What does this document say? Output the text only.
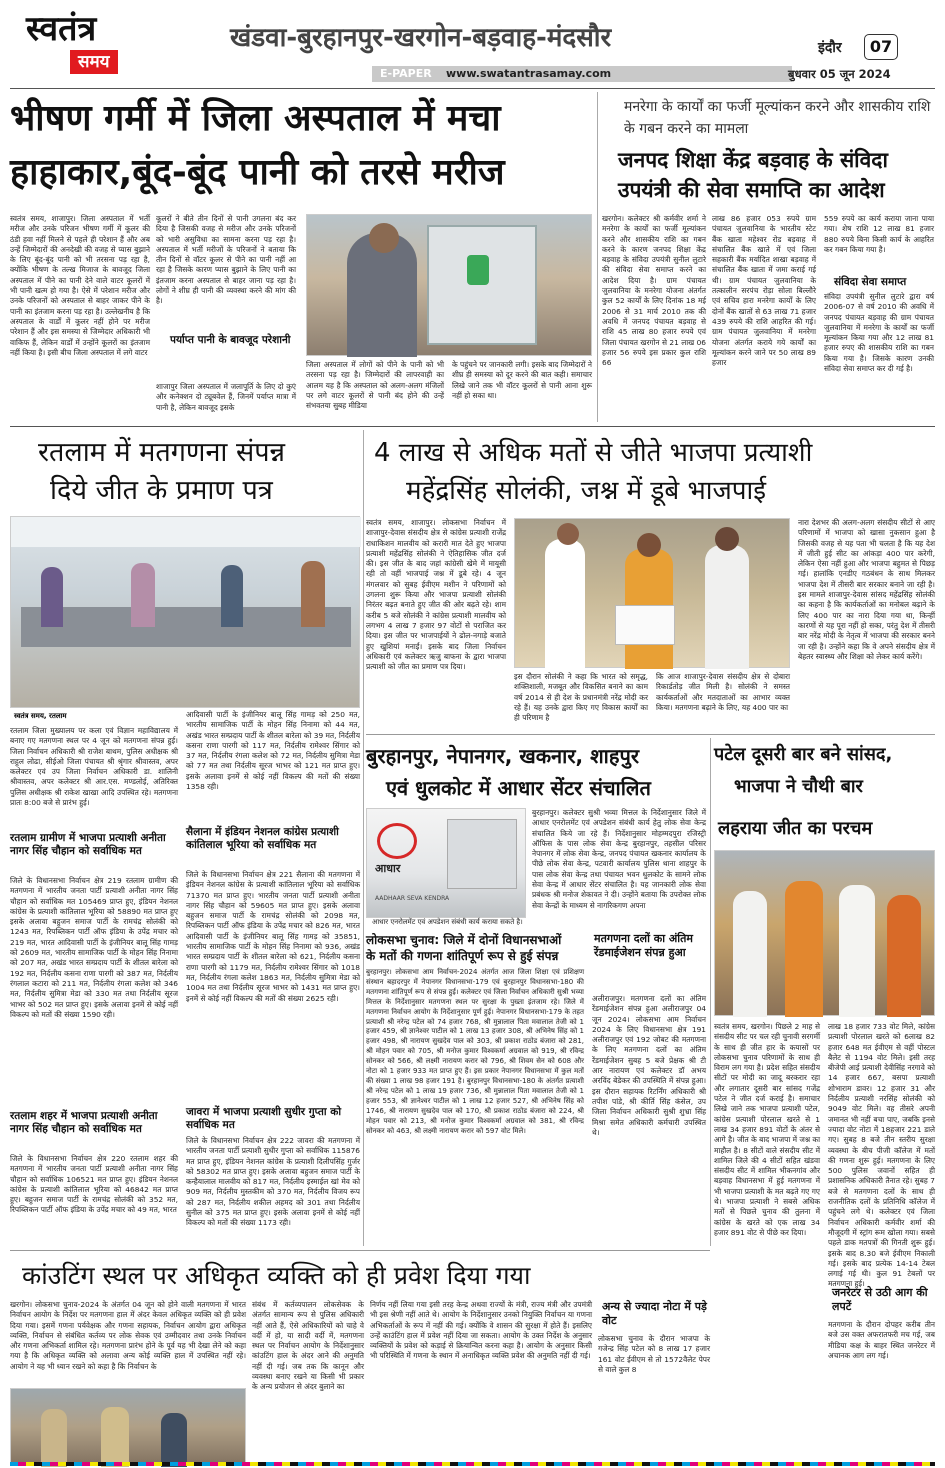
स्वतंत्र
समय
खंडवा-बुरहानपुर-खरगोन-बड़वाह-मंदसौर	इंदौर	07
E-PAPER	www.swatantrasamay.com	बुधवार 05 जून 2024
भीषण गर्मी में जिला अस्पताल में मचा
हाहाकार,बूंद-बूंद पानी को तरसे मरीज
स्वतंत्र समय, शाजापुर। जिला अस्पताल में भर्ती मरीज और उनके परिजन भीषण गर्मी में कूलर की ठंडी हवा नहीं मिलने से पहले ही परेशान हैं और अब उन्हें जिम्मेदारों की अनदेखी की वजह से प्यास बुझाने के लिए बूंद-बूंद पानी को भी तरसना पड़ रहा है, क्योंकि भीषण के तल्ख मिजाज के बावजूद जिला अस्पताल में पीने का पानी देने वाले वाटर कूलरों में भी पानी खत्म हो गया है। ऐसे में परेशान मरीज और उनके परिजनों को अस्पताल से बाहर जाकर पीने के पानी का इंतजाम करना पड़ रहा है। उल्लेखनीय है कि अस्पताल के वार्डों में कूलर नहीं होने पर मरीज परेशान हैं और इस समस्या से जिम्मेदार अधिकारी भी वाकिफ हैं, लेकिन वार्डों में उन्होंने कूलरों का इंतजाम नहीं किया है। इसी बीच जिला अस्पताल में लगे वाटर
कूलरों ने बीते तीन दिनों से पानी उगलना बंद कर दिया है जिसकी वजह से मरीज और उनके परिजनों को भारी असुविधा का सामना करना पड़ रहा है। अस्पताल में भर्ती मरीजों के परिजनों ने बताया कि तीन दिनों से वॉटर कूलर से पीने का पानी नहीं आ रहा है जिसके कारण प्यास बुझाने के लिए पानी का इंतजाम करना अस्पताल से बाहर जाना पड़ रहा है। लोगों ने शीघ्र ही पानी की व्यवस्था करने की मांग की है।
पर्याप्त पानी के बावजूद परेशानी
शाजापुर जिला अस्पताल में जलापूर्ति के लिए दो कुएं और कनेक्शन दो ट्यूबवेल हैं, जिनमें पर्याप्त मात्रा में पानी है, लेकिन बावजूद इसके
जिला अस्पताल में लोगों को पीने के पानी को भी तरसना पड़ रहा है। जिम्मेदारों की लापरवाही का आलम यह है कि अस्पताल को अलग-अलग मंजिलों पर लगे वाटर कूलरों से पानी बंद होने की उन्हें संभवतया सुबह मीडिया
के पहुंचने पर जानकारी लगी। इसके बाद जिम्मेदारों ने शीघ्र ही समस्या को दूर करने की बात कही। समाचार लिखे जाने तक भी वॉटर कूलरों से पानी आना शुरू नहीं हो सका था।
मनरेगा के कार्यों का फर्जी मूल्यांकन करने और शासकीय राशि के गबन करने का मामला
जनपद शिक्षा केंद्र बड़वाह के संविदा
उपयंत्री की सेवा समाप्ति का आदेश
खरगोन। कलेक्टर श्री कर्मवीर शर्मा ने मनरेगा के कार्यों का फर्जी मूल्यांकन करने और शासकीय राशि का गबन करने के कारण जनपद शिक्षा केंद्र बड़वाह के संविदा उपयंत्री सुनील लुटारे की संविदा सेवा समाप्त करने का आदेश दिया है। ग्राम पंचायत जुलवानिया के मनरेगा योजना अंतर्गत कुल 52 कार्यों के लिए दिनांक 18 मई 2006 से 31 मार्च 2010 तक की अवधि में जनपद पंचायत बड़वाह से राशि 45 लाख 80 हजार रुपये एवं जिला पंचायत खरगोन से 21 लाख 06 हजार 56 रुपये इस प्रकार कुल राशि 66
लाख 86 हजार 053 रुपये ग्राम पंचायत जुलवानिया के भारतीय स्टेट बैंक खाता महेश्वर रोड बड़वाह में संचालित बैंक खाते में एवं जिला सहकारी बैंक मर्यादित शाखा बड़वाह में संचालित बैंक खाता में जमा कराई गई थी। ग्राम पंचायत जुलवानिया के तत्कालीन सरपंच रोड़ा सोला बिल्लौरे एवं सचिव हारा मनरेगा कार्यों के लिए दोनों बैंक खातों से 63 लाख 71 हजार 439 रुपये की राशि आहरित की गई। ग्राम पंचायत जुलवानिया में मनरेगा योजना अंतर्गत कराये गये कार्यों का मूल्यांकन करने जाने पर 50 लाख 89 हजार
559 रुपये का कार्य कराया जाना पाया गया। शेष राशि 12 लाख 81 हजार 880 रुपये बिना किसी कार्य के आहरित कर गबन किया गया है।
संविदा सेवा समाप्त
संविदा उपयंत्री सुनील लुटारे द्वारा वर्ष 2006-07 से वर्ष 2010 की अवधि में जनपद पंचायत बड़वाह की ग्राम पंचायत जुलवानिया में मनरेगा के कार्यों का फर्जी मूल्यांकन किया गया और 12 लाख 81 हजार रुपए की शासकीय राशि का गबन किया गया है। जिसके कारण उनकी संविदा सेवा समाप्त कर दी गई है।
रतलाम में मतगणना संपन्न
दिये जीत के प्रमाण पत्र
स्वतंत्र समय, रतलाम
रतलाम जिला मुख्यालय पर कला एवं विज्ञान महाविद्यालय में बनाए गए मतगणना स्थल पर 4 जून को मतगणना संपन्न हुई। जिला निर्वाचन अधिकारी श्री राजेश बाथम, पुलिस अधीक्षक श्री राहुल लोढा, सीईओ जिला पंचायत श्री श्रृंगार श्रीवास्तव, अपर कलेक्टर एवं उप जिला निर्वाचन अधिकारी डा. शालिनी श्रीवास्तव, अपर कलेक्टर श्री आर.एस. मण्डलोई, अतिरिक्त पुलिस अधीक्षक श्री राकेश खाखा आदि उपस्थित रहे। मतगणना प्रातः 8:00 बजे से प्रारंभ हुई।
रतलाम ग्रामीण में भाजपा प्रत्याशी अनीता नागर सिंह चौहान को सर्वाधिक मत
जिले के विधानसभा निर्वाचन क्षेत्र 219 रतलाम ग्रामीण की मतगणना में भारतीय जनता पार्टी प्रत्याशी अनीता नागर सिंह चौहान को सर्वाधिक मत 105469 प्राप्त हुए, इंडियन नेशनल कांग्रेस के प्रत्याशी कांतिलाल भूरिया को 58890 मत प्राप्त हुए इसके अलावा बहुजन समाज पार्टी के रामचंद्र सोलंकी को 1243 मत, रिपब्लिकन पार्टी ऑफ इंडिया के उपेंद्र मचार को 219 मत, भारत आदिवासी पार्टी के इंजीनियर बालू सिंह गामड़ को 2609 मत, भारतीय सामाजिक पार्टी के मोहन सिंह निनामा को 207 मत, अखंड भारत सम्प्रदाय पार्टी के शीतल बारेला को 192 मत, निर्दलीय कसना राणा पारगी को 387 मत, निर्दलीय रंगलाल कटारा को 211 मत, निर्दलीय रंगला कलेश को 346 मत, निर्दलीय सुमित्रा मेडा को 330 मत तथा निर्दलीय सूरज भाभर को 502 मत प्राप्त हुए। इसके अलावा इनमें से कोई नहीं विकल्प को मतों की संख्या 1590 रही।
रतलाम शहर में भाजपा प्रत्याशी अनीता नागर सिंह चौहान को सर्वाधिक मत
जिले के विधानसभा निर्वाचन क्षेत्र 220 रतलाम शहर की मतगणना में भारतीय जनता पार्टी प्रत्याशी अनीता नागर सिंह चौहान को सर्वाधिक 106521 मत प्राप्त हुए। इंडियन नेशनल कांग्रेस के प्रत्याशी कांतिलाल भूरिया को 46842 मत प्राप्त हुए। बहुजन समाज पार्टी के रामचंद्र सोलंकी को 352 मत, रिपब्लिकन पार्टी ऑफ इंडिया के उपेंद्र मचार को 49 मत, भारत
आदिवासी पार्टी के इंजीनियर बालू सिंह गामड़ को 250 मत, भारतीय सामाजिक पार्टी के मोहन सिंह निनामा को 44 मत, अखंड भारत सम्प्रदाय पार्टी के शीतल बारेला को 39 मत, निर्दलीय कसना राणा पारगी को 117 मत, निर्दलीय रामेश्वर सिंगार को 37 मत, निर्दलीय रंगला कलेश को 72 मत, निर्दलीय सुमित्रा मेडा को 77 मत तथा निर्दलीय सूरज भाभर को 121 मत प्राप्त हुए। इसके अलावा इनमें से कोई नहीं विकल्प की मतों की संख्या 1358 रही।
सैलाना में इंडियन नेशनल कांग्रेस प्रत्याशी कांतिलाल भूरिया को सर्वाधिक मत
जिले के विधानसभा निर्वाचन क्षेत्र 221 सैलाना की मतगणना में इंडियन नेशनल कांग्रेस के प्रत्याशी कांतिलाल भूरिया को सर्वाधिक 71370 मत प्राप्त हुए। भारतीय जनता पार्टी प्रत्याशी अनीता नागर सिंह चौहान को 59605 मत प्राप्त हुए। इसके अलावा बहुजन समाज पार्टी के रामचंद्र सोलंकी को 2098 मत, रिपब्लिकन पार्टी ऑफ इंडिया के उपेंद्र मचार को 826 मत, भारत आदिवासी पार्टी के इंजीनियर बालू सिंह गामड़ को 35851, भारतीय सामाजिक पार्टी के मोहन सिंह निनामा को 936, अखंड भारत सम्प्रदाय पार्टी के शीतल बारेला को 621, निर्दलीय कसना राणा पारगी को 1179 मत, निर्दलीय रामेश्वर सिंगार को 1018 मत, निर्दलीय रंगला कलेश 1863 मत, निर्दलीय सुमित्रा मेडा को 1004 मत तथा निर्दलीय सूरज भाभर को 1431 मत प्राप्त हुए। इनमें से कोई नहीं विकल्प की मतों की संख्या 2625 रही।
जावरा में भाजपा प्रत्याशी सुधीर गुप्ता को सर्वाधिक मत
जिले के विधानसभा निर्वाचन क्षेत्र 222 जावरा की मतगणना में भारतीय जनता पार्टी प्रत्याशी सुधीर गुप्ता को सर्वाधिक 115876 मत प्राप्त हुए, इंडियन नेशनल कांग्रेस के प्रत्याशी दिलीपसिंह गुर्जर को 58302 मत प्राप्त हुए। इसके अलावा बहुजन समाज पार्टी के कन्हैयालाल मालवीय को 817 मत, निर्दलीय इस्माईल खां मेव को 909 मत, निर्दलीय मुस्तकीम को 370 मत, निर्दलीय विजय रूप को 287 मत, निर्दलीय शकील अहमद को 301 तथा निर्दलीय सुनील को 375 मत प्राप्त हुए। इसके अलावा इनमें से कोई नहीं विकल्प को मतों की संख्या 1173 रही।
4 लाख से अधिक मतों से जीते भाजपा प्रत्याशी
महेंद्रसिंह सोलंकी, जश्न में डूबे भाजपाई
स्वतंत्र समय, शाजापुर। लोकसभा निर्वाचन में शाजापुर-देवास संसदीय क्षेत्र से कांग्रेस प्रत्याशी राजेंद्र राधाकिशन मालवीय को करारी मात देते हुए भाजपा प्रत्याशी महेंद्रसिंह सोलंकी ने ऐतिहासिक जीत दर्ज की। इस जीत के बाद जहां कांग्रेसी खेमे में मायूसी रही तो वहीं भाजपाई जश्न में डूबे रहे। 4 जून मंगलवार को सुबह ईवीएम मशीन ने परिणामों को उगलना शुरू किया और भाजपा प्रत्याशी सोलंकी निरंतर बढ़त बनाते हुए जीत की ओर बढ़ते रहे। शाम करीब 5 बजे सोलंकी ने कांग्रेस प्रत्याशी मालवीय को लगभग 4 लाख 7 हजार 97 वोटों से पराजित कर दिया। इस जीत पर भाजपाईयों ने ढोल-नगाड़े बजाते हुए खुशियां मनाईं। इसके बाद जिला निर्वाचन अधिकारी एवं कलेक्टर ऋजु बाफना के द्वारा भाजपा प्रत्याशी को जीत का प्रमाण पत्र दिया।
इस दौरान सोलंकी ने कहा कि भारत को समृद्ध, शक्तिशाली, मजबूत और विकसित बनाने का काम वर्ष 2014 से ही देश के प्रधानमंत्री नरेंद्र मोदी कर रहे हैं। यह उनके द्वारा किए गए विकास कार्यों का ही परिणाम है
कि आज शाजापुर-देवास संसदीय क्षेत्र से दोबारा रिकार्डतोड़ जीत मिली है। सोलंकी ने समस्त कार्यकर्ताओं और मतदाताओं का आभार व्यक्त किया। मतगणना बढ़ाने के लिए, यह 400 पार का
नारा देशभर की अलग-अलग संसदीय सीटों से आए परिणामों में भाजपा को खासा नुकसान हुआ है जिसकी वजह से यह पता भी चलता है कि यह देश में जीती हुई सीट का आंकड़ा 400 पार करेगी, लेकिन ऐसा नहीं हुआ और भाजपा बहुमत से पिछड़ गई। हालांकि एनडीए गठबंधन के साथ मिलकर भाजपा देश में तीसरी बार सरकार बनाने जा रही है। इस मामले शाजापुर-देवास सांसद महेंद्रसिंह सोलंकी का कहना है कि कार्यकर्ताओं का मनोबल बढ़ाने के लिए 400 पार का नारा दिया गया था, किन्हीं कारणों से यह पूरा नहीं हो सका, परंतु देश में तीसरी बार नरेंद्र मोदी के नेतृत्व में भाजपा की सरकार बनने जा रही है। उन्होंने कहा कि वे अपने संसदीय क्षेत्र में बेहतर स्वास्थ्य और शिक्षा को लेकर कार्य करेंगे।
बुरहानपुर, नेपानगर, खकनार, शाहपुर
एवं धुलकोट में आधार सेंटर संचालित
आधार
AADHAAR SEVA KENDRA
बुरहानपुर। कलेक्टर सुश्री भव्या मित्तल के निर्देशानुसार जिले में आधार एनरोलमेंट एवं अपडेशन संबंधी कार्य हेतु लोक सेवा केन्द्र संचालित किये जा रहे हैं। निर्देशानुसार मोहम्मदपुरा रजिस्ट्री ऑफिस के पास लोक सेवा केन्द्र बुरहानपुर, तहसील परिसर नेपानगर में लोक सेवा केन्द्र, जनपद पंचायत खकनार कार्यालय के पीछे लोक सेवा केन्द्र, पटवारी कार्यालय पुलिस थाना शाहपुर के पास लोक सेवा केन्द्र तथा पंचायत भवन धुलकोट के सामने लोक सेवा केन्द्र में आधार सेंटर संचालित है। यह जानकारी लोक सेवा प्रबंधक श्री मनोज शेकावत ने दी। उन्होंने बताया कि उपरोक्त लोक सेवा केन्द्रों के माध्यम से नागरिकगण अपना
आधार एनरोलमेंट एवं अपडेशन संबंधी कार्य कराया सकते है।
लोकसभा चुनाव: जिले में दोनों विधानसभाओं
के मतों की गणना शांतिपूर्ण रूप से हुई संपन्न
बुरहानपुर। लोकसभा आम निर्वाचन-2024 अंतर्गत आज जिला शिक्षा एवं प्रशिक्षण संस्थान बहादरपुर में नेपानगर विधानसभा-179 एवं बुरहानपुर विधानसभा-180 की मतगणना शांतिपूर्ण रूप से संपन्न हुई। कलेक्टर एवं जिला निर्वाचन अधिकारी सुश्री भव्या मित्तल के निर्देशानुसार मतगणना स्थल पर सुरक्षा के पुख्ता इंतजाम रहे। जिले में मतगणना निर्वाचन आयोग के निर्देशानुसार पूर्ण हुई। नेपानगर विधानसभा-179 के तहत प्रत्याशी श्री नरेन्द्र पटेल को 74 हजार 768, श्री मुन्नालाल पिता मवालाल तेजी को 1 हजार 459, श्री ज्ञानेश्वर पाटील को 1 लाख 13 हजार 308, श्री अभिनेष सिंह को 1 हजार 498, श्री नारायण सुखदेव पाल को 303, श्री प्रकाश राठोड बंजारा को 281, श्री मोहन पवार को 705, श्री मनोज कुमार विश्वकर्मा अग्रवाल को 919, श्री रविन्द्र सोनकर को 566, श्री लक्ष्मी नारायण करार को 796, श्री शिवम सेन को 608 और नोटा को 1 हजार 933 मत प्राप्त हुए हैं। इस प्रकार नेपानगर विधानसभा में कुल मतों की संख्या 1 लाख 98 हजार 191 है। बुरहानपुर विधानसभा-180 के अंतर्गत प्रत्याशी श्री नरेन्द्र पटेल को 1 लाख 19 हजार 736, श्री मुन्नालाल पिता मवालाल तेजी को 1 हजार 553, श्री ज्ञानेश्वर पाटील को 1 लाख 12 हजार 527, श्री अभिनेष सिंह को 1746, श्री नारायण सुखदेव पाल को 170, श्री प्रकाश राठोड बंजारा को 224, श्री मोहन पवार को 213, श्री मनोज कुमार विश्वकर्मा अग्रवाल को 381, श्री रविन्द्र सोनकर को 463, श्री लक्ष्मी नारायण करार को 597 वोट मिले।
मतगणना दलों का अंतिम रेंडमाईजेशन संपन्न हुआ
अलीराजपुर। मतगणना दलों का अंतिम रेंडमाईजेशन संपन्न हुआ अलीराजपुर 04 जून 2024। लोकसभा आम निर्वाचन 2024 के लिए विधानसभा क्षेत्र 191 अलीराजपुर एवं 192 जोबट की मतगणना के लिए मतगणना दलों का अंतिम रेंडमाईजेशन सुबह 5 बजे प्रेक्षक श्री टी आर नारायण एवं कलेक्टर डॉ अभय अरविंद बेडेकर की उपस्थिति में संपन्न हुआ। इस दौरान सहायक रिटर्निंग अधिकारी श्री तपीश पांडे, श्री कीर्ति सिंह कंसेल, उप जिला निर्वाचन अधिकारी सुश्री शुभ्रा सिंह मिश्रा समेत अधिकारी कर्मचारी उपस्थित थे।
पटेल दूसरी बार बने सांसद,
भाजपा ने चौथी बार
लहराया जीत का परचम
स्वतंत्र समय, खरगोन। पिछले 2 माह से संसदीय सीट पर चल रही चुनावी सरगर्मी के साथ ही जीत हार के कयासों पर लोकसभा चुनाव परिणामों के साथ ही विराम लग गया है। प्रदेश सहित संसदीय सीटों पर मोदी का जादू बरकरार रहा और लगातार दूसरी बार सांसद गजेंद्र पटेल ने जीत दर्ज कराई है। समाचार लिखे जाने तक भाजपा प्रत्याशी पटेल, कांग्रेस प्रत्याशी पोरलाल खरते से 1 लाख 34 हजार 891 वोटों के अंतर से आगे है। जीत के बाद भाजपा में जश्न का माहौल है। 8 सीटों वाले संसदीय सीट में शामिल जिले की 4 सीटों सहित खंडवा संसदीय सीट में शामिल भीकनगांव और बड़वाह विधानसभा में हुई मतगणना में भी भाजपा प्रत्याशी के मत बढ़ते गए गए थे। भाजपा प्रत्याशी ने सबसे अधिक मतों से पिछले चुनाव की तुलना में कांग्रेस के खरते को एक लाख 34 हजार 891 वोट से पीछे कर दिया।
लाख 18 हजार 733 वोट मिले, कांग्रेस प्रत्याशी पोरलाल खरते को 6लाख 82 हजार 648 मत ईवीएम से वहीं पोस्टल बैलेट से 1194 वोट मिले। इसी तरह बीजेपी आई प्रत्याशी देवीसिंह नरगावे को 14 हजार 667, बसपा प्रत्याशी शोभाराम डावर। 12 हजार 31 और निर्दलीय प्रत्याशी नरसिंह सोलंकी को 9049 वोट मिले। वह तीसरे अपनी जमानत भी नहीं बचा पाए, जबकि इनसे ज्यादा वोट नोटा में 18हजार 221 डाले गए। सुबह 8 बजे तीन स्तरीय सुरक्षा व्यवस्था के बीच पीजी कॉलेज में मतों की गणना शुरू हुई। मतगणना के लिए 500 पुलिस जवानों सहित ही प्रशासनिक अधिकारी तैनात रहे। सुबह 7 बजे से मतगणना दलों के साथ ही राजनीतिक दलों के प्रतिनिधि कॉलेज में पहुंचने लगे थे। कलेक्टर एवं जिला निर्वाचन अधिकारी कर्मवीर शर्मा की मौजूदगी में स्ट्रांग रूम खोला गया। सबसे पहले डाक मतपत्रों की गिनती शुरू हुई। इसके बाद 8.30 बजे ईवीएम निकाली गई। इसके बाद प्रत्येक 14-14 टेबल लगाई गई थी। कुल 91 टेबलों पर मतगणना हुई।
जनरेटर से उठी आग की लपटें
मतगणना के दौरान दोपहर करीब तीन बजे उस वक्त अफरातफरी मच गई, जब मीडिया कक्ष के बाहर स्थित जनरेटर में अचानक आग लग गई।
कांउटिंग स्थल पर अधिकृत व्यक्ति को ही प्रवेश दिया गया
खरगोन। लोकसभा चुनाव-2024 के अंतर्गत 04 जून को होने वाली मतगणना में भारत निर्वाचन आयोग के निर्देश पर मतगणना हाल में अंदर केवल अधिकृत व्यक्ति को ही प्रवेश दिया गया। इसमें गणना पर्यवेक्षक और गणना सहायक, निर्वाचन आयोग द्वारा अधिकृत व्यक्ति, निर्वाचन से संबंधित कर्तव्य पर लोक सेवक एवं उम्मीदवार तथा उनके निर्वाचन और गणना अभिकर्ता शामिल रहे। मतगणना प्रारंभ होने के पूर्व यह भी देखा लेने को कहा गया है कि अधिकृत व्यक्ति को अलावा अन्य कोई व्यक्ति हाल में उपस्थित नहीं रहे। आयोग ने यह भी ध्यान रखने को कहा है कि निर्वाचन के
संबंध में कर्तव्यपालन लोकसेवक के अंतर्गत सामान्य रूप से पुलिस अधिकारी नहीं आते हैं, ऐसे अधिकारियों को चाहे वे वर्दी में हो, या सादी वर्दी में, मतगणना स्थल पर निर्वाचन आयोग के निर्देशानुसार कांउटिंग हाल के अंदर आने की अनुमति नहीं दी गई। जब तक कि कानून और व्यवस्था बनाए रखने या किसी भी प्रकार के अन्य प्रयोजन से अंदर बुलाने का
निर्णय नहीं लिया गया इसी तरह केन्द्र अथवा राज्यों के मंत्री, राज्य मंत्री और उपमंत्री भी इस श्रेणी नहीं आते थे। आयोग के निर्देशानुसार उनको नियुक्ति निर्वाचन या गणना अभिकर्ताओं के रूप में नहीं की गई। क्योंकि वे शासन की सुरक्षा में होते हैं। इसलिए उन्हें काउंटिंग हाल में प्रवेश नहीं दिया जा सकता। आयोग के उक्त निर्देश के अनुसार व्यक्तियों के प्रवेश को कड़ाई से क्रियान्वित करना कहा है। आयोग के अनुसार किसी भी परिस्थिति में गणना के स्थान में अनाधिकृत व्यक्ति प्रवेश की अनुमति नहीं दी गई।
अन्य से ज्यादा नोटा में पड़े वोट
लोकसभा चुनाव के दौरान भाजपा के गजेन्द्र सिंह पटेल को 8 लाख 17 हजार 161 वोट ईवीएम से तो 1572वैलेट पेपर से वाले कुल 8
